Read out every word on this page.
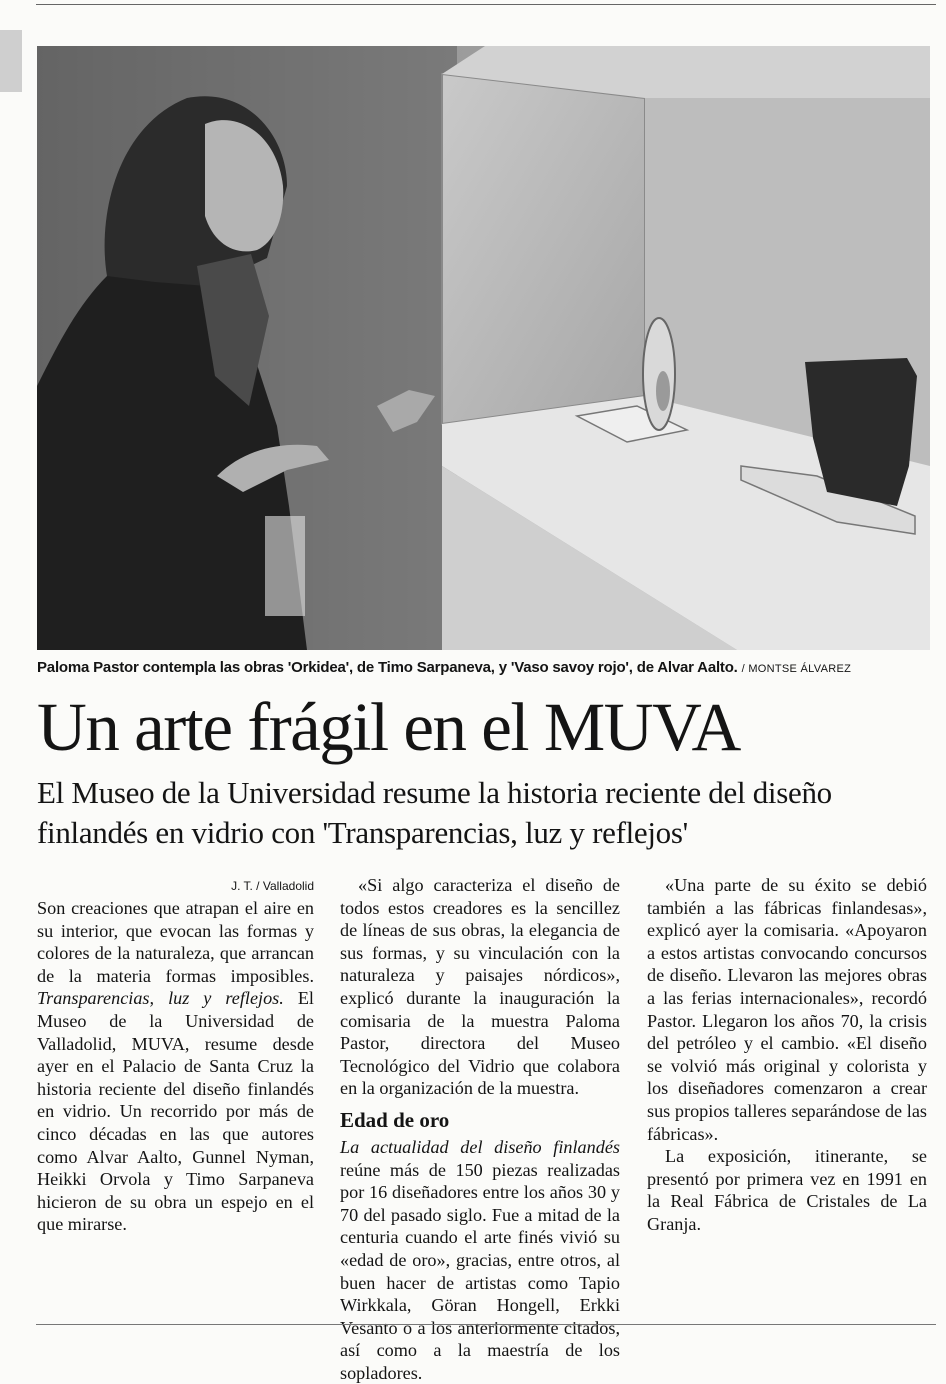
Paloma Pastor contempla las obras 'Orkidea', de Timo Sarpaneva, y 'Vaso savoy rojo', de Alvar Aalto. / MONTSE ÁLVAREZ
Un arte frágil en el MUVA
El Museo de la Universidad resume la historia reciente del diseño finlandés en vidrio con 'Transparencias, luz y reflejos'
J. T. / Valladolid

Son creaciones que atrapan el aire en su interior, que evocan las formas y colores de la naturaleza, que arrancan de la materia formas imposibles. Transparencias, luz y reflejos. El Museo de la Universidad de Valladolid, MUVA, resume desde ayer en el Palacio de Santa Cruz la historia reciente del diseño finlandés en vidrio. Un recorrido por más de cinco décadas en las que autores como Alvar Aalto, Gunnel Nyman, Heikki Orvola y Timo Sarpaneva hicieron de su obra un espejo en el que mirarse.

«Si algo caracteriza el diseño de todos estos creadores es la sencillez de líneas de sus obras, la elegancia de sus formas, y su vinculación con la naturaleza y paisajes nórdicos», explicó durante la inauguración la comisaria de la muestra Paloma Pastor, directora del Museo Tecnológico del Vidrio que colabora en la organización de la muestra.

Edad de oro

La actualidad del diseño finlandés reúne más de 150 piezas realizadas por 16 diseñadores entre los años 30 y 70 del pasado siglo. Fue a mitad de la centuria cuando el arte finés vivió su «edad de oro», gracias, entre otros, al buen hacer de artistas como Tapio Wirkkala, Göran Hongell, Erkki Vesanto o a los anteriormente citados, así como a la maestría de los sopladores.

«Una parte de su éxito se debió también a las fábricas finlandesas», explicó ayer la comisaria. «Apoyaron a estos artistas convocando concursos de diseño. Llevaron las mejores obras a las ferias internacionales», recordó Pastor. Llegaron los años 70, la crisis del petróleo y el cambio. «El diseño se volvió más original y colorista y los diseñadores comenzaron a crear sus propios talleres separándose de las fábricas».

La exposición, itinerante, se presentó por primera vez en 1991 en la Real Fábrica de Cristales de La Granja.
